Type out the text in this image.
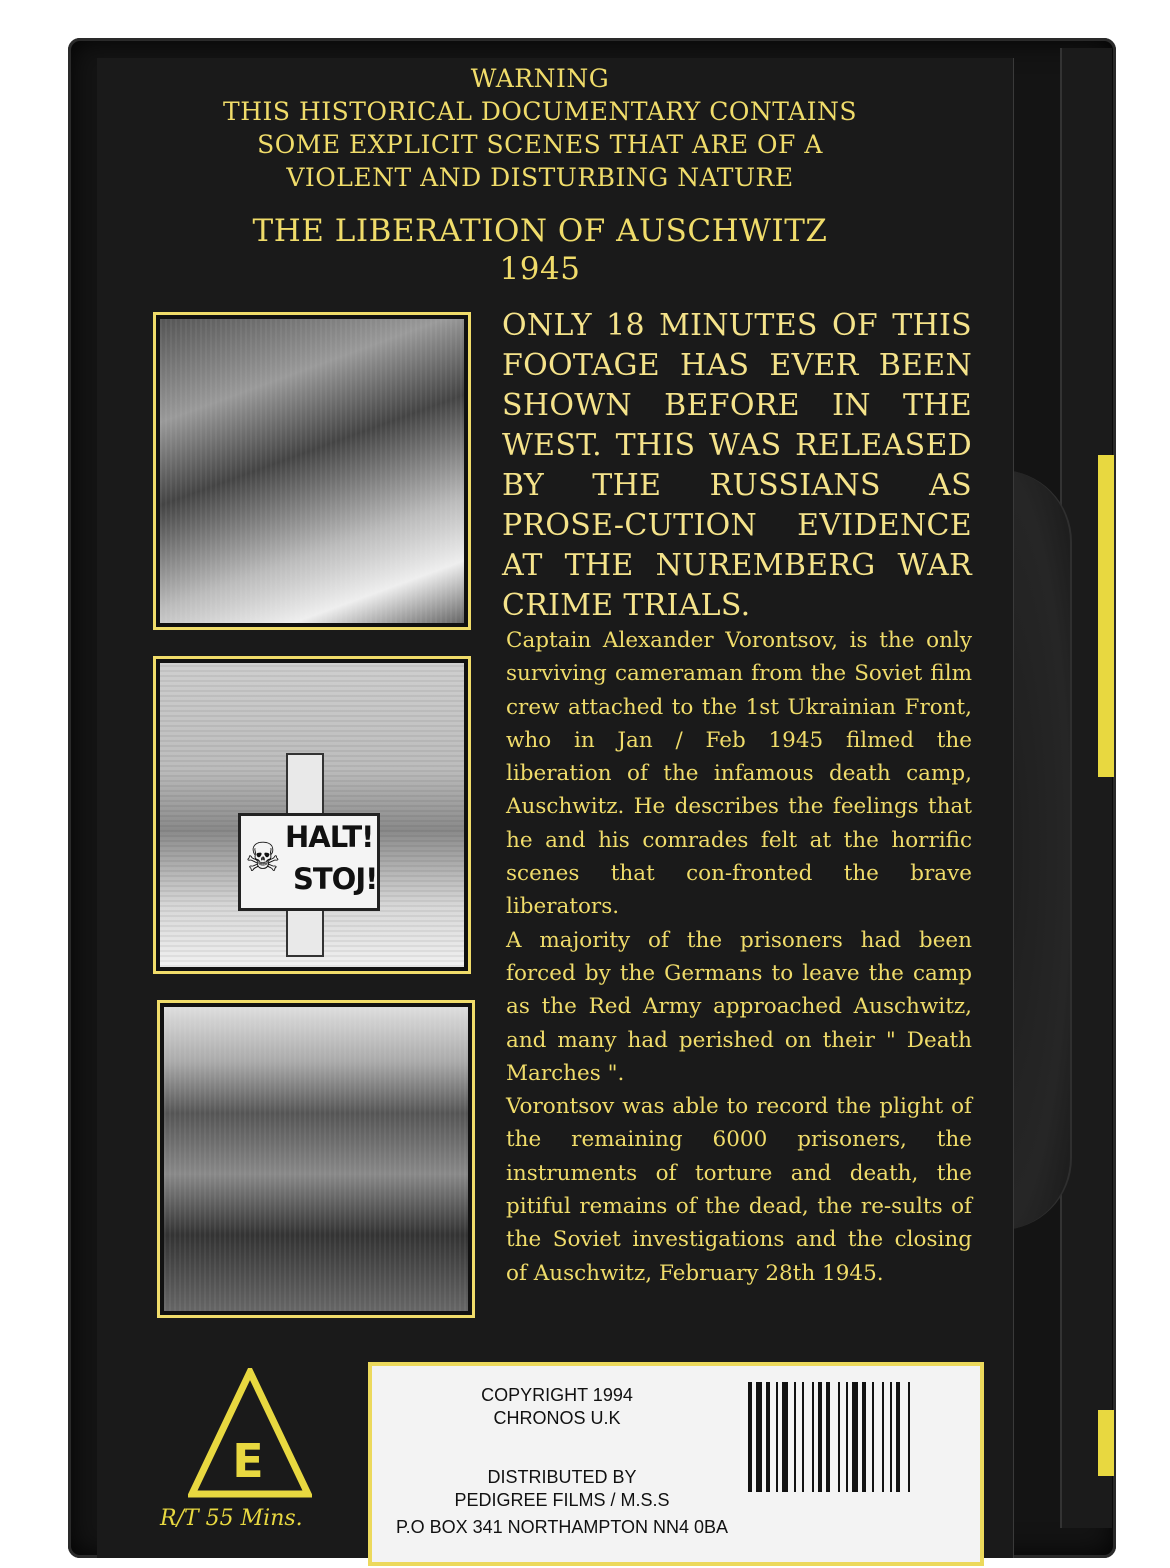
WARNING
THIS HISTORICAL DOCUMENTARY CONTAINS
SOME EXPLICIT SCENES THAT ARE OF A
VIOLENT AND DISTURBING NATURE
THE LIBERATION OF AUSCHWITZ
1945
☠ HALT!
STOJ!
ONLY 18 MINUTES OF THIS FOOTAGE HAS EVER BEEN SHOWN BEFORE IN THE WEST. THIS WAS RELEASED BY THE RUSSIANS AS PROSE-CUTION EVIDENCE AT THE NUREMBERG WAR CRIME TRIALS.

Captain Alexander Vorontsov, is the only surviving cameraman from the Soviet film crew attached to the 1st Ukrainian Front, who in Jan / Feb 1945 filmed the liberation of the infamous death camp, Auschwitz. He describes the feelings that he and his comrades felt at the horrific scenes that con-fronted the brave liberators.

A majority of the prisoners had been forced by the Germans to leave the camp as the Red Army approached Auschwitz, and many had perished on their " Death Marches ".

Vorontsov was able to record the plight of the remaining 6000 prisoners, the instruments of torture and death, the pitiful remains of the dead, the re-sults of the Soviet investigations and the closing of Auschwitz, February 28th 1945.

E
R/T 55 Mins.
COPYRIGHT 1994
CHRONOS U.K
DISTRIBUTED BY
PEDIGREE FILMS / M.S.S
P.O BOX 341 NORTHAMPTON NN4 0BA
